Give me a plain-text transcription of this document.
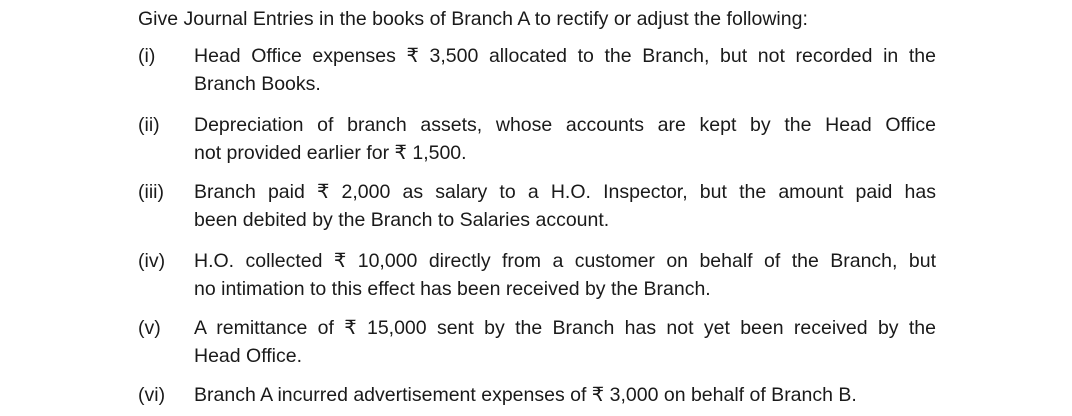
Give Journal Entries in the books of Branch A to rectify or adjust the following:
(i) Head Office expenses ₹ 3,500 allocated to the Branch, but not recorded in the
Branch Books.
(ii) Depreciation of branch assets, whose accounts are kept by the Head Office
not provided earlier for ₹ 1,500.
(iii) Branch paid ₹ 2,000 as salary to a H.O. Inspector, but the amount paid has
been debited by the Branch to Salaries account.
(iv) H.O. collected ₹ 10,000 directly from a customer on behalf of the Branch, but
no intimation to this effect has been received by the Branch.
(v) A remittance of ₹ 15,000 sent by the Branch has not yet been received by the
Head Office.
(vi) Branch A incurred advertisement expenses of ₹ 3,000 on behalf of Branch B.
